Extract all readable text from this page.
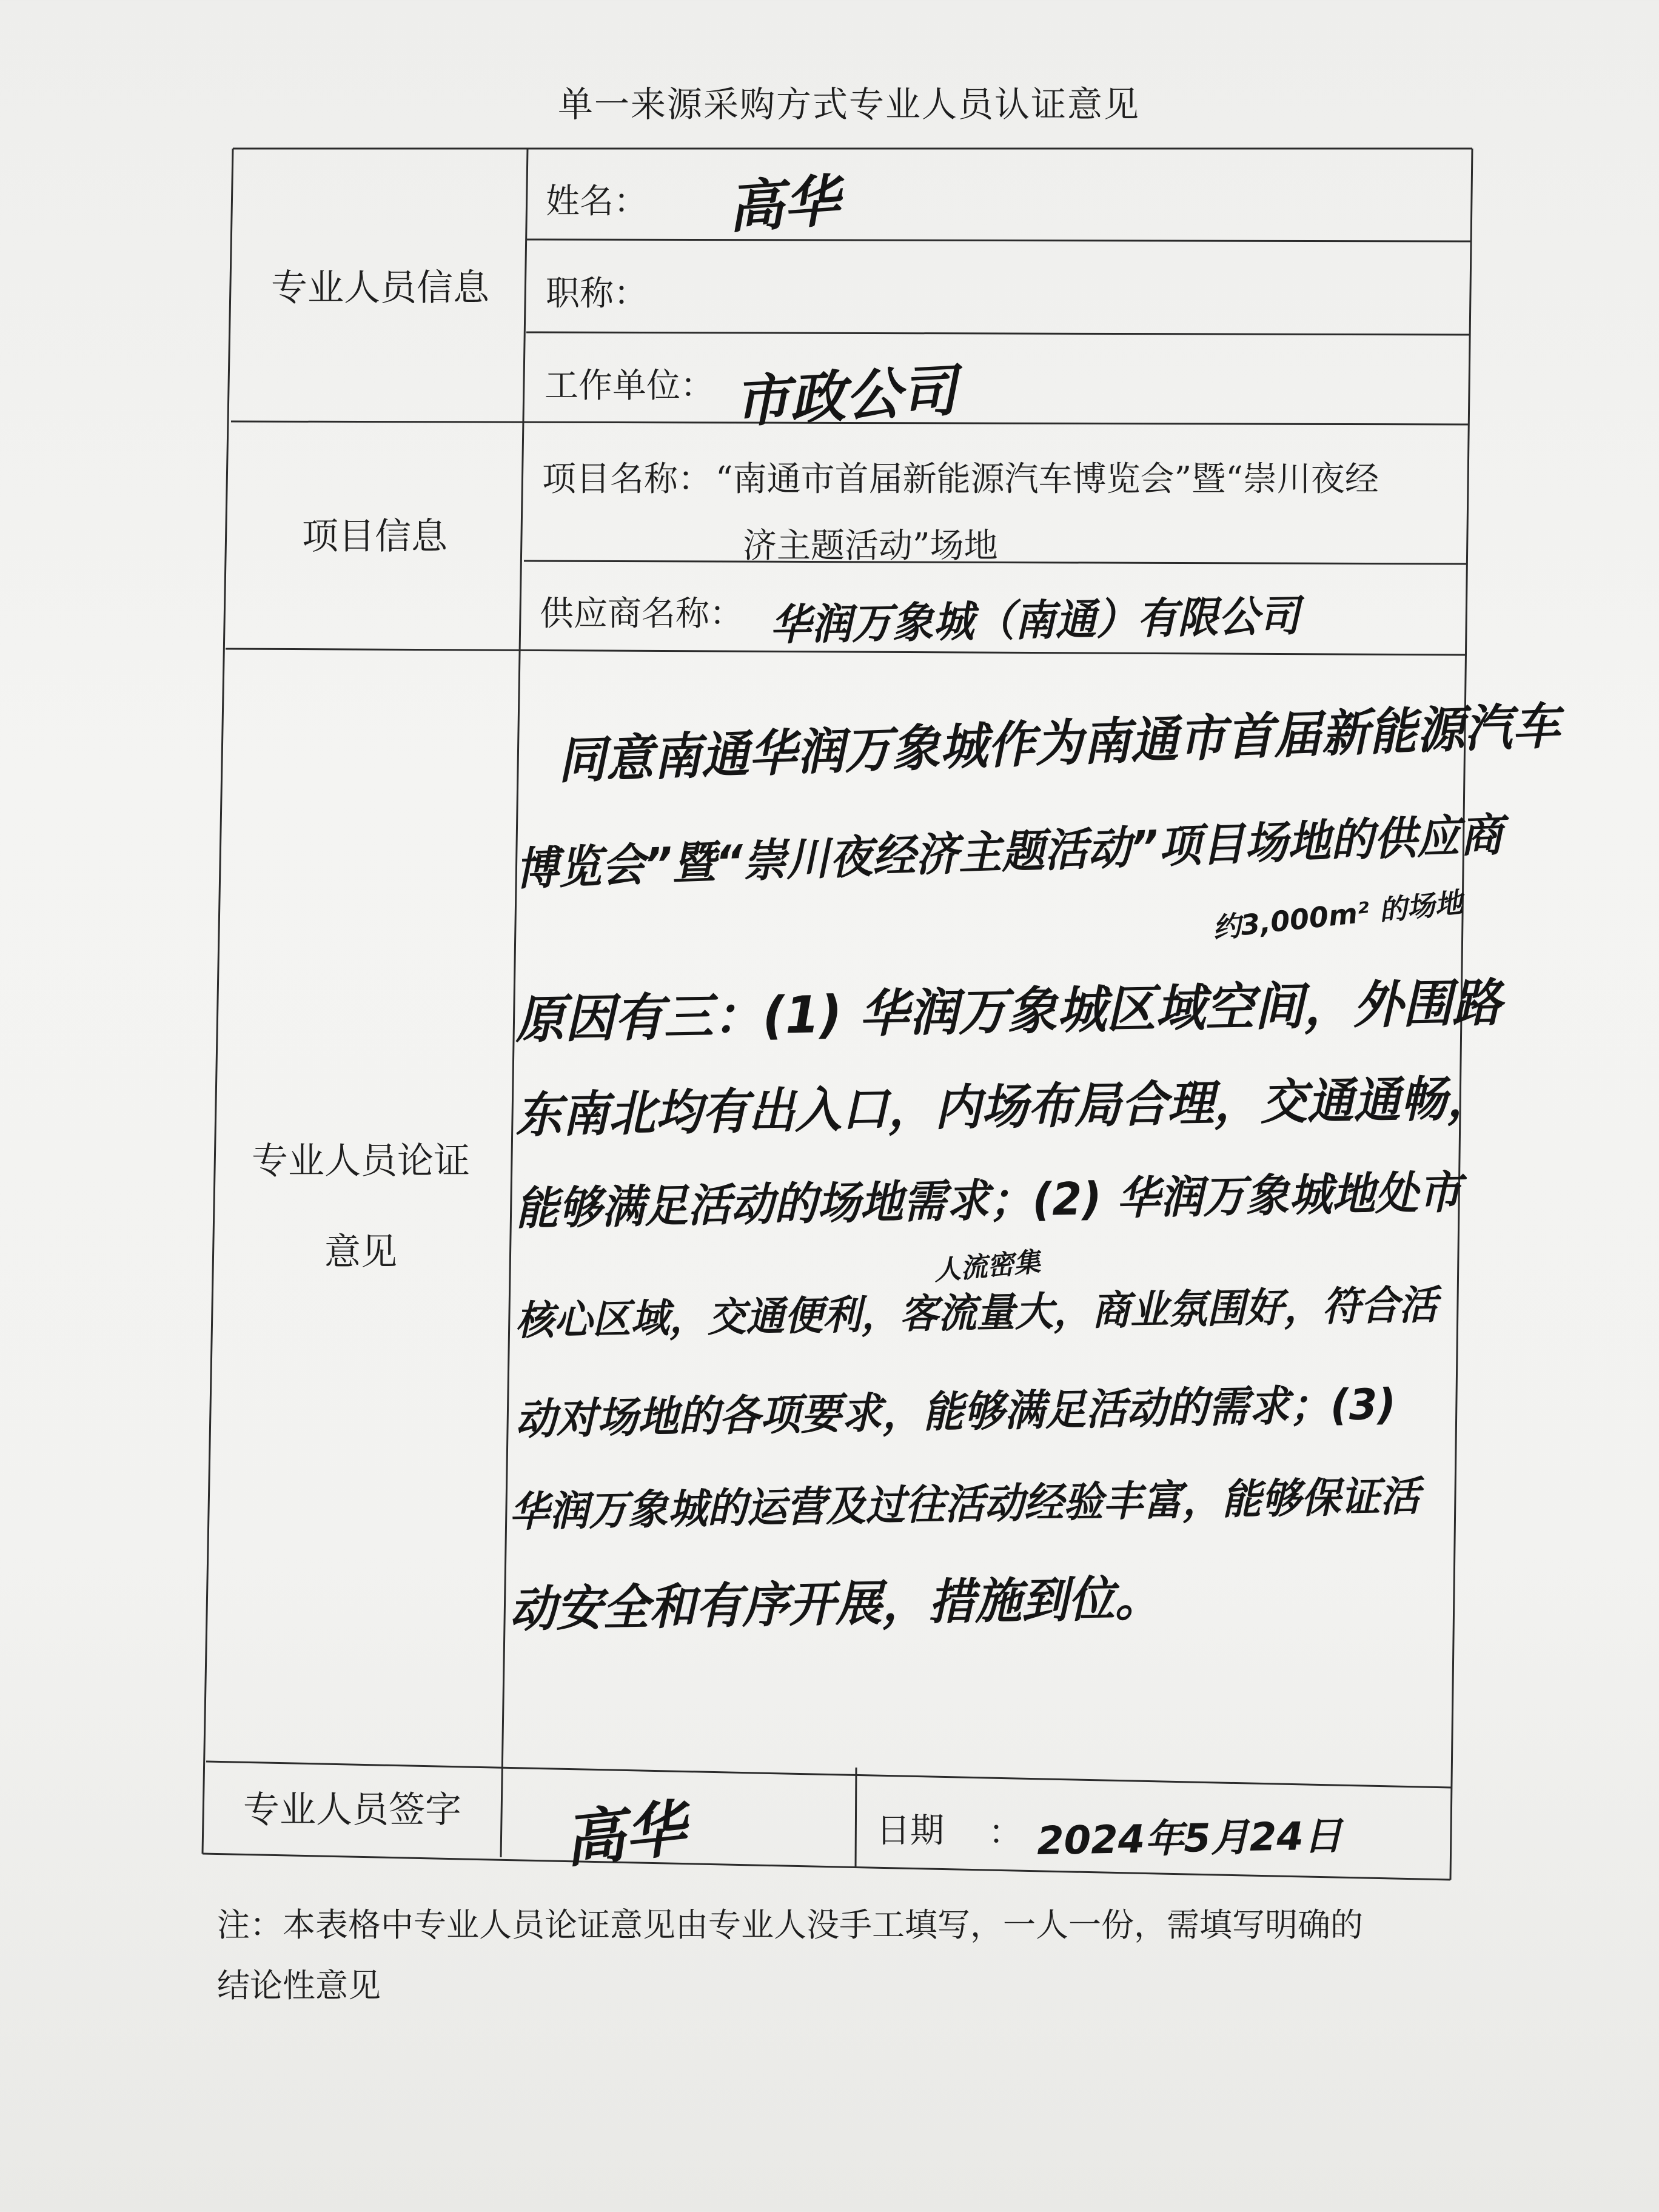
单一来源采购方式专业人员认证意见
专业人员信息
项目信息
专业人员论证
意见
专业人员签字
姓名：
职称：
工作单位：
项目名称： “南通市首届新能源汽车博览会”暨“崇川夜经
济主题活动”场地
供应商名称：
日期 ：
高华
市政公司
华润万象城（南通）有限公司
同意南通华润万象城作为南通市首届新能源汽车
博览会”暨“崇川夜经济主题活动”项目场地的供应商
约3,000m² 的场地
原因有三：(1) 华润万象城区域空间，外围路
东南北均有出入口，内场布局合理，交通通畅，
能够满足活动的场地需求；(2) 华润万象城地处市
人流密集
核心区域，交通便利，客流量大，商业氛围好，符合活
动对场地的各项要求，能够满足活动的需求；(3)
华润万象城的运营及过往活动经验丰富，能够保证活
动安全和有序开展，措施到位。
高华	2024年5月24日
注：本表格中专业人员论证意见由专业人没手工填写，一人一份，需填写明确的
结论性意见
